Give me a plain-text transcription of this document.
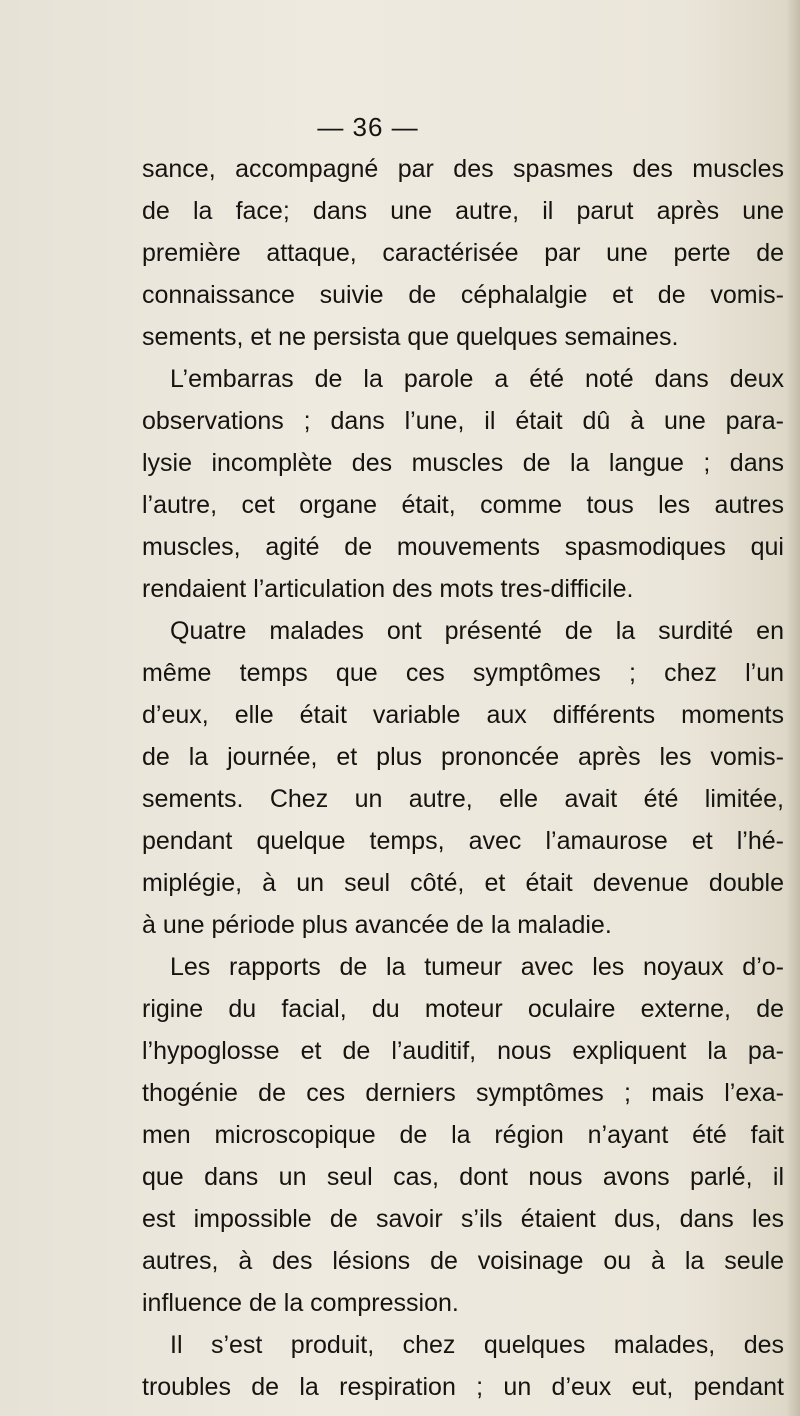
— 36 —
sance, accompagné par des spasmes des muscles
de la face; dans une autre, il parut après une
première attaque, caractérisée par une perte de
connaissance suivie de céphalalgie et de vomis-
sements, et ne persista que quelques semaines.
L’embarras de la parole a été noté dans deux
observations ; dans l’une, il était dû à une para-
lysie incomplète des muscles de la langue ; dans
l’autre, cet organe était, comme tous les autres
muscles, agité de mouvements spasmodiques qui
rendaient l’articulation des mots tres-difficile.
Quatre malades ont présenté de la surdité en
même temps que ces symptômes ; chez l’un
d’eux, elle était variable aux différents moments
de la journée, et plus prononcée après les vomis-
sements. Chez un autre, elle avait été limitée,
pendant quelque temps, avec l’amaurose et l’hé-
miplégie, à un seul côté, et était devenue double
à une période plus avancée de la maladie.
Les rapports de la tumeur avec les noyaux d’o-
rigine du facial, du moteur oculaire externe, de
l’hypoglosse et de l’auditif, nous expliquent la pa-
thogénie de ces derniers symptômes ; mais l’exa-
men microscopique de la région n’ayant été fait
que dans un seul cas, dont nous avons parlé, il
est impossible de savoir s’ils étaient dus, dans les
autres, à des lésions de voisinage ou à la seule
influence de la compression.
Il s’est produit, chez quelques malades, des
troubles de la respiration ; un d’eux eut, pendant
